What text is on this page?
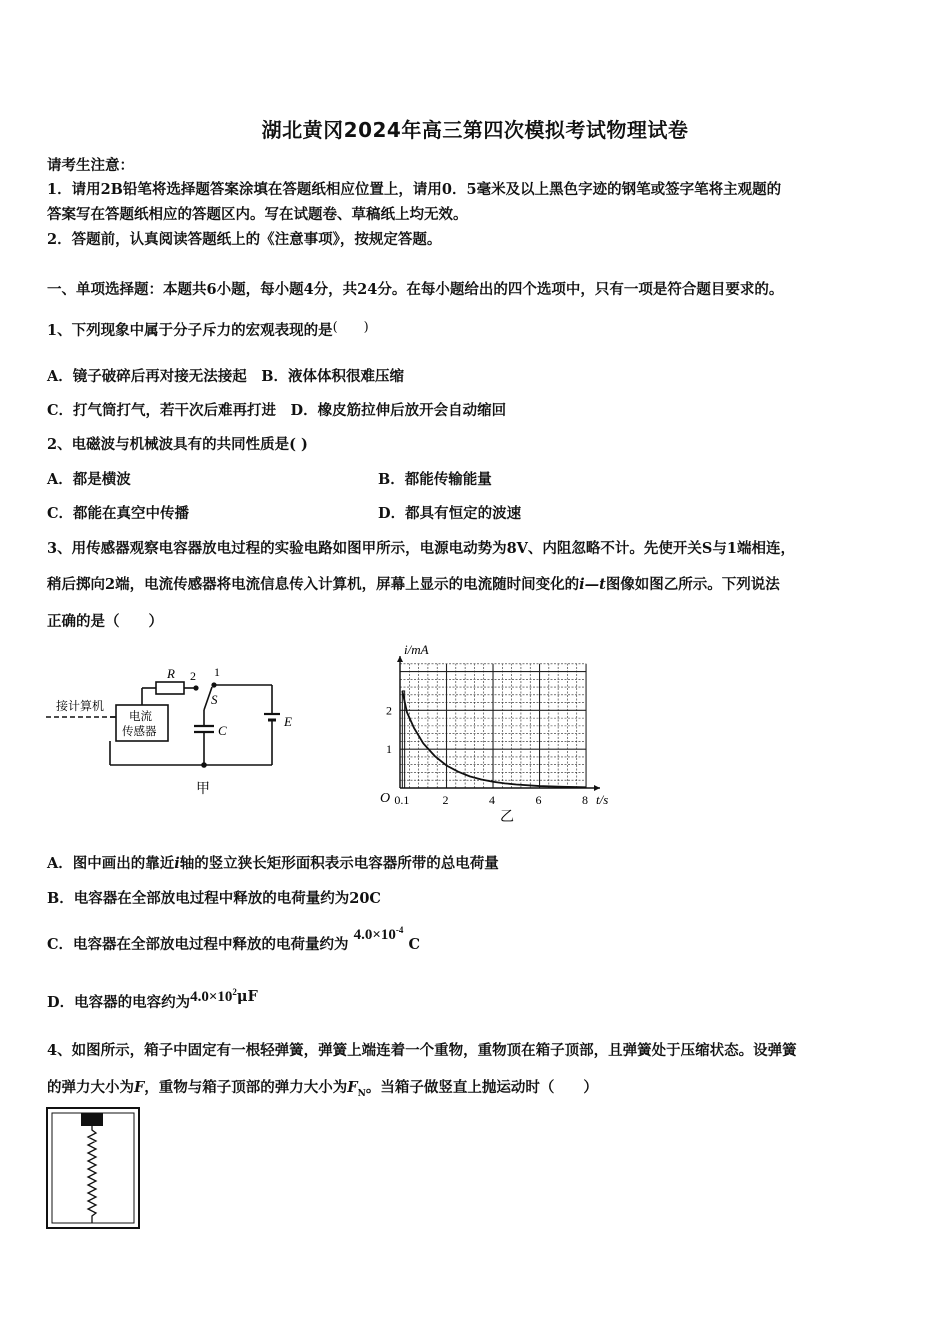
湖北黄冈2024年高三第四次模拟考试物理试卷
请考生注意：
1．请用2B铅笔将选择题答案涂填在答题纸相应位置上，请用0．5毫米及以上黑色字迹的钢笔或签字笔将主观题的
答案写在答题纸相应的答题区内。写在试题卷、草稿纸上均无效。
2．答题前，认真阅读答题纸上的《注意事项》，按规定答题。
一、单项选择题：本题共6小题，每小题4分，共24分。在每小题给出的四个选项中，只有一项是符合题目要求的。
1、下列现象中属于分子斥力的宏观表现的是(　　)
A．镜子破碎后再对接无法接起　B．液体体积很难压缩
C．打气筒打气，若干次后难再打进　D．橡皮筋拉伸后放开会自动缩回
2、电磁波与机械波具有的共同性质是( )
A．都是横波	B．都能传输能量
C．都能在真空中传播	D．都具有恒定的波速
3、用传感器观察电容器放电过程的实验电路如图甲所示，电源电动势为8V、内阻忽略不计。先使开关S与1端相连，
稍后掷向2端，电流传感器将电流信息传入计算机，屏幕上显示的电流随时间变化的i—t图像如图乙所示。下列说法
正确的是（　　）
接计算机
电流
传感器
R 2 1
S
C
E
甲
0.1	2	4	6	8
1
2
O
i/mA
t/s
乙
A．图中画出的靠近i轴的竖立狭长矩形面积表示电容器所带的总电荷量
B．电容器在全部放电过程中释放的电荷量约为20C
C．电容器在全部放电过程中释放的电荷量约为 $4.0\times 10^{-4}$ C
D．电容器的电容约为$4.0\times 10^2\mu F$
4、如图所示，箱子中固定有一根轻弹簧，弹簧上端连着一个重物，重物顶在箱子顶部，且弹簧处于压缩状态。设弹簧
的弹力大小为F，重物与箱子顶部的弹力大小为$F_N$。当箱子做竖直上抛运动时（　　）
